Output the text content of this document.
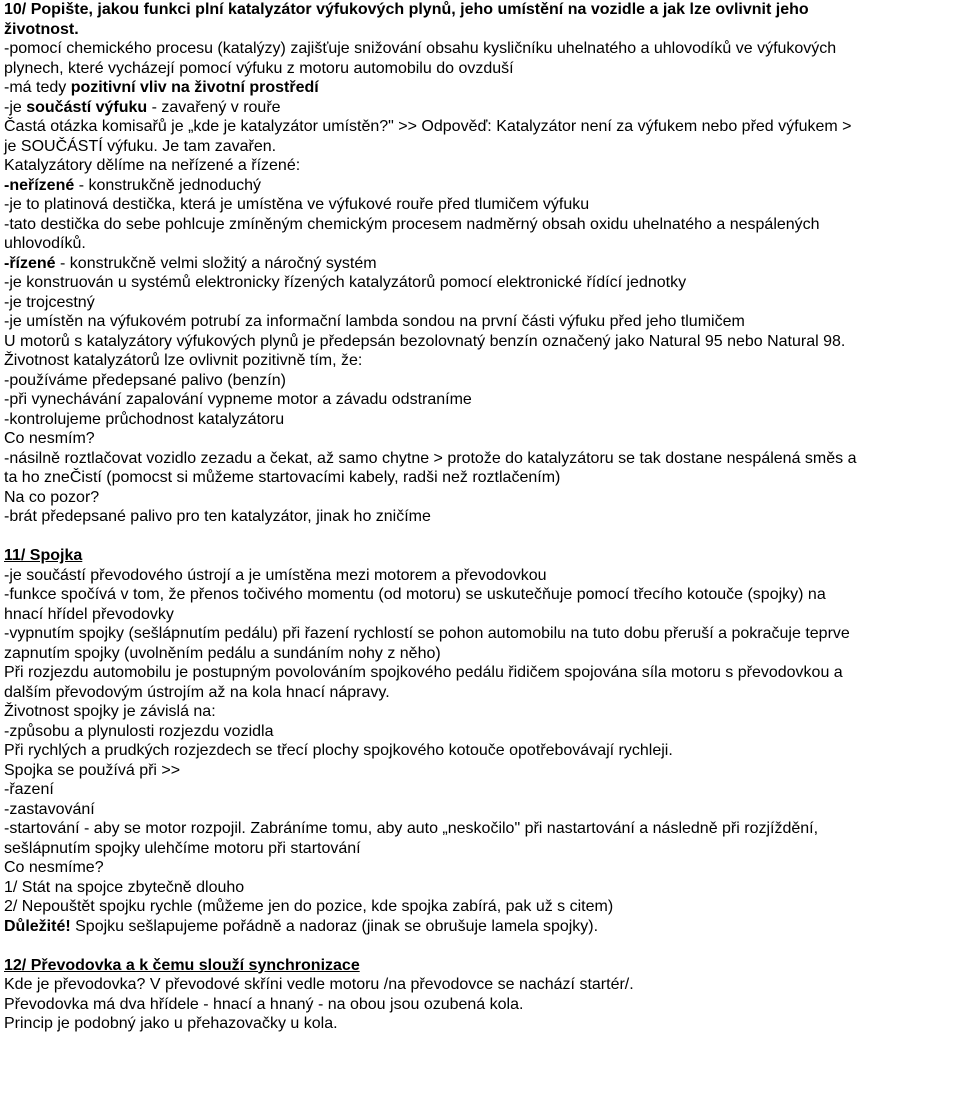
10/ Popište, jakou funkci plní katalyzátor výfukových plynů, jeho umístění na vozidle a jak lze ovlivnit jeho
životnost.
-pomocí chemického procesu (katalýzy) zajišťuje snižování obsahu kysličníku uhelnatého a uhlovodíků ve výfukových
plynech, které vycházejí pomocí výfuku z motoru automobilu do ovzduší
-má tedy pozitivní vliv na životní prostředí
-je součástí výfuku - zavařený v rouře
Častá otázka komisařů je „kde je katalyzátor umístěn?" >> Odpověď: Katalyzátor není za výfukem nebo před výfukem >
je SOUČÁSTÍ výfuku. Je tam zavařen.
Katalyzátory dělíme na neřízené a řízené:
-neřízené - konstrukčně jednoduchý
-je to platinová destička, která je umístěna ve výfukové rouře před tlumičem výfuku
-tato destička do sebe pohlcuje zmíněným chemickým procesem nadměrný obsah oxidu uhelnatého a nespálených
uhlovodíků.
-řízené - konstrukčně velmi složitý a náročný systém
-je konstruován u systémů elektronicky řízených katalyzátorů pomocí elektronické řídící jednotky
-je trojcestný
-je umístěn na výfukovém potrubí za informační lambda sondou na první části výfuku před jeho tlumičem
U motorů s katalyzátory výfukových plynů je předepsán bezolovnatý benzín označený jako Natural 95 nebo Natural 98.
Životnost katalyzátorů lze ovlivnit pozitivně tím, že:
-používáme předepsané palivo (benzín)
-při vynechávání zapalování vypneme motor a závadu odstraníme
-kontrolujeme průchodnost katalyzátoru
Co nesmím?
-násilně roztlačovat vozidlo zezadu a čekat, až samo chytne > protože do katalyzátoru se tak dostane nespálená směs a
ta ho zneČistí (pomocst si můžeme startovacími kabely, radši než roztlačením)
Na co pozor?
-brát předepsané palivo pro ten katalyzátor, jinak ho zničíme
11/ Spojka
-je součástí převodového ústrojí a je umístěna mezi motorem a převodovkou
-funkce spočívá v tom, že přenos točivého momentu (od motoru) se uskutečňuje pomocí třecího kotouče (spojky) na
hnací hřídel převodovky
-vypnutím spojky (sešlápnutím pedálu) při řazení rychlostí se pohon automobilu na tuto dobu přeruší a pokračuje teprve
zapnutím spojky (uvolněním pedálu a sundáním nohy z něho)
Při rozjezdu automobilu je postupným povolováním spojkového pedálu řidičem spojována síla motoru s převodovkou a
dalším převodovým ústrojím až na kola hnací nápravy.
Životnost spojky je závislá na:
-způsobu a plynulosti rozjezdu vozidla
Při rychlých a prudkých rozjezdech se třecí plochy spojkového kotouče opotřebovávají rychleji.
Spojka se používá při >>
-řazení
-zastavování
-startování - aby se motor rozpojil. Zabráníme tomu, aby auto „neskočilo" při nastartování a následně při rozjíždění,
sešlápnutím spojky ulehčíme motoru při startování
Co nesmíme?
1/ Stát na spojce zbytečně dlouho
2/ Nepouštět spojku rychle (můžeme jen do pozice, kde spojka zabírá, pak už s citem)
Důležité! Spojku sešlapujeme pořádně a nadoraz (jinak se obrušuje lamela spojky).
12/ Převodovka a k čemu slouží synchronizace
Kde je převodovka? V převodové skříni vedle motoru /na převodovce se nachází startér/.
Převodovka má dva hřídele - hnací a hnaný - na obou jsou ozubená kola.
Princip je podobný jako u přehazovačky u kola.
